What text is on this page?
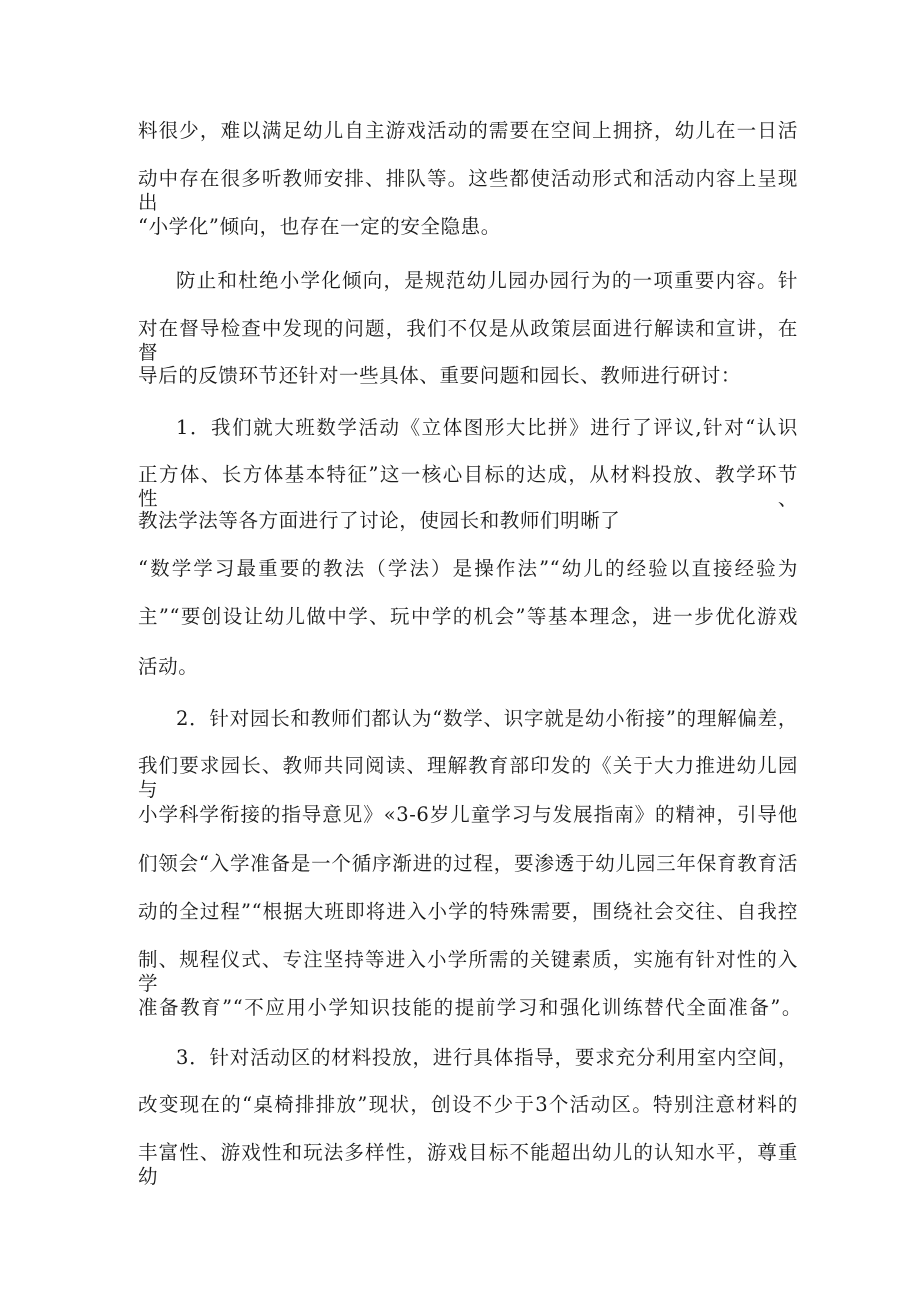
料很少，难以满足幼儿自主游戏活动的需要在空间上拥挤，幼儿在一日活
动中存在很多听教师安排、排队等。这些都使活动形式和活动内容上呈现出
“小学化”倾向，也存在一定的安全隐患。
防止和杜绝小学化倾向，是规范幼儿园办园行为的一项重要内容。针
对在督导检查中发现的问题，我们不仅是从政策层面进行解读和宣讲，在督
导后的反馈环节还针对一些具体、重要问题和园长、教师进行研讨：
1．我们就大班数学活动《立体图形大比拼》进行了评议,针对“认识
正方体、长方体基本特征”这一核心目标的达成，从材料投放、教学环节性、
教法学法等各方面进行了讨论，使园长和教师们明晰了
“数学学习最重要的教法（学法）是操作法”“幼儿的经验以直接经验为
主”“要创设让幼儿做中学、玩中学的机会”等基本理念，进一步优化游戏
活动。
2．针对园长和教师们都认为“数学、识字就是幼小衔接”的理解偏差，
我们要求园长、教师共同阅读、理解教育部印发的《关于大力推进幼儿园与
小学科学衔接的指导意见》«3-6岁儿童学习与发展指南》的精神，引导他
们领会“入学准备是一个循序渐进的过程，要渗透于幼儿园三年保育教育活
动的全过程”“根据大班即将进入小学的特殊需要，围绕社会交往、自我控
制、规程仪式、专注坚持等进入小学所需的关键素质，实施有针对性的入学
准备教育”“不应用小学知识技能的提前学习和强化训练替代全面准备”。
3．针对活动区的材料投放，进行具体指导，要求充分利用室内空间，
改变现在的“桌椅排排放”现状，创设不少于3个活动区。特别注意材料的
丰富性、游戏性和玩法多样性，游戏目标不能超出幼儿的认知水平，尊重幼
